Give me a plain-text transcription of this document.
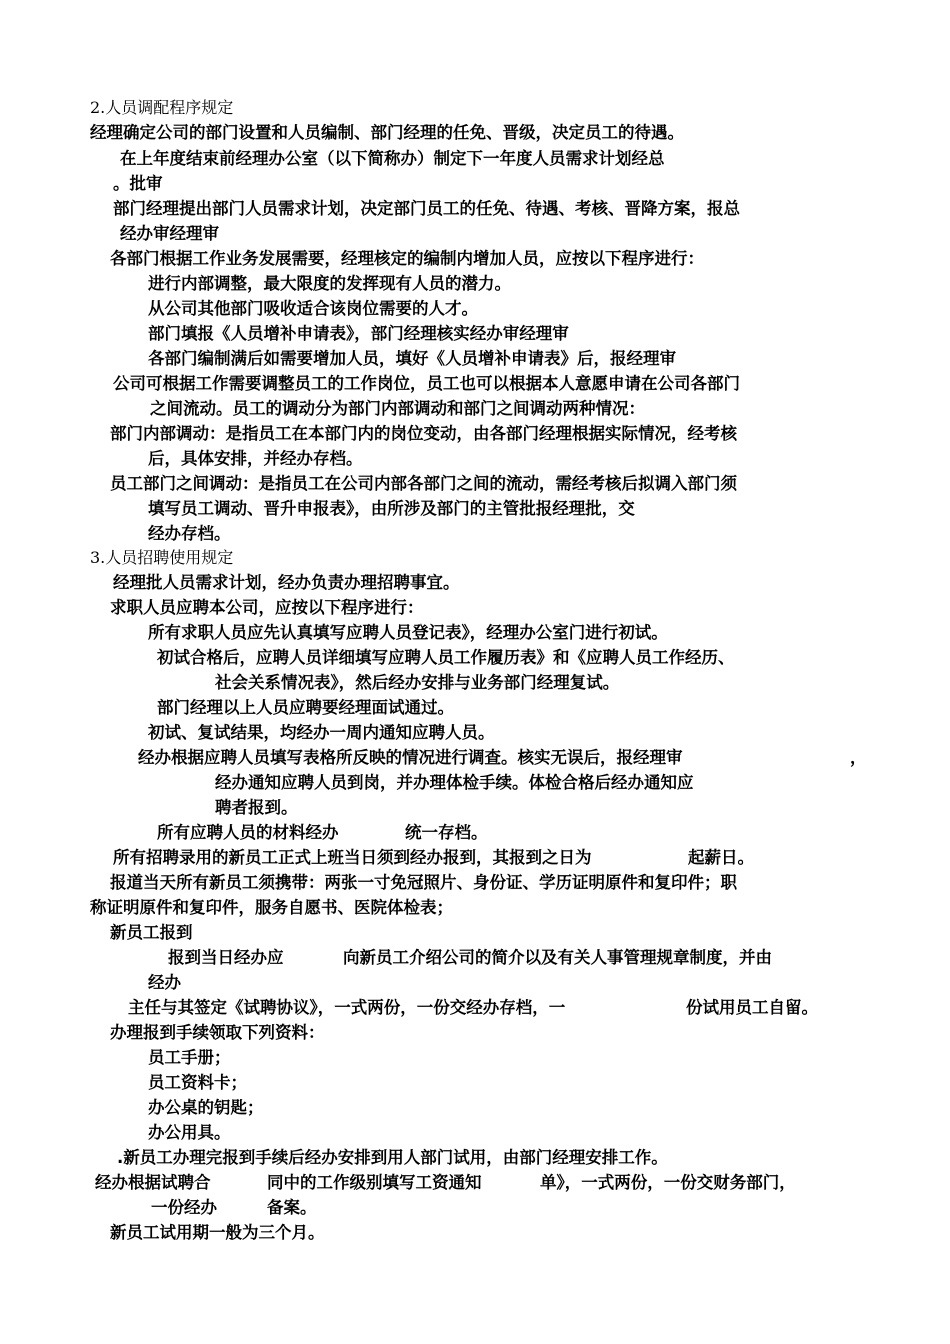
2.人员调配程序规定
经理确定公司的部门设置和人员编制、部门经理的任免、晋级，决定员工的待遇。
在上年度结束前经理办公室（以下简称办）制定下一年度人员需求计划经总
。批审
部门经理提出部门人员需求计划，决定部门员工的任免、待遇、考核、晋降方案，报总
经办审经理审
各部门根据工作业务发展需要，经理核定的编制内增加人员，应按以下程序进行：
进行内部调整，最大限度的发挥现有人员的潜力。
从公司其他部门吸收适合该岗位需要的人才。
部门填报《人员增补申请表》，部门经理核实经办审经理审
各部门编制满后如需要增加人员，填好《人员增补申请表》后，报经理审
公司可根据工作需要调整员工的工作岗位，员工也可以根据本人意愿申请在公司各部门
之间流动。员工的调动分为部门内部调动和部门之间调动两种情况：
部门内部调动：是指员工在本部门内的岗位变动，由各部门经理根据实际情况，经考核
后，具体安排，并经办存档。
员工部门之间调动：是指员工在公司内部各部门之间的流动，需经考核后拟调入部门须
填写员工调动、晋升申报表》，由所涉及部门的主管批报经理批，交
经办存档。
3.人员招聘使用规定
经理批人员需求计划，经办负责办理招聘事宜。
求职人员应聘本公司，应按以下程序进行：
所有求职人员应先认真填写应聘人员登记表》，经理办公室门进行初试。
初试合格后，应聘人员详细填写应聘人员工作履历表》和《应聘人员工作经历、
社会关系情况表》，然后经办安排与业务部门经理复试。
部门经理以上人员应聘要经理面试通过。
初试、复试结果，均经办一周内通知应聘人员。
经办根据应聘人员填写表格所反映的情况进行调查。核实无误后，报经理审	，
经办通知应聘人员到岗，并办理体检手续。体检合格后经办通知应
聘者报到。
所有应聘人员的材料经办	统一存档。
所有招聘录用的新员工正式上班当日须到经办报到，其报到之日为	起薪日。
报道当天所有新员工须携带：两张一寸免冠照片、身份证、学历证明原件和复印件；职
称证明原件和复印件，服务自愿书、医院体检表；
新员工报到
报到当日经办应	向新员工介绍公司的简介以及有关人事管理规章制度，并由
经办
主任与其签定《试聘协议》，一式两份，一份交经办存档，一	份试用员工自留。
办理报到手续领取下列资料：
员工手册；
员工资料卡；
办公桌的钥匙；
办公用具。
.新员工办理完报到手续后经办安排到用人部门试用，由部门经理安排工作。
经办根据试聘合	同中的工作级别填写工资通知	单》，一式两份，一份交财务部门，
一份经办	备案。
新员工试用期一般为三个月。
